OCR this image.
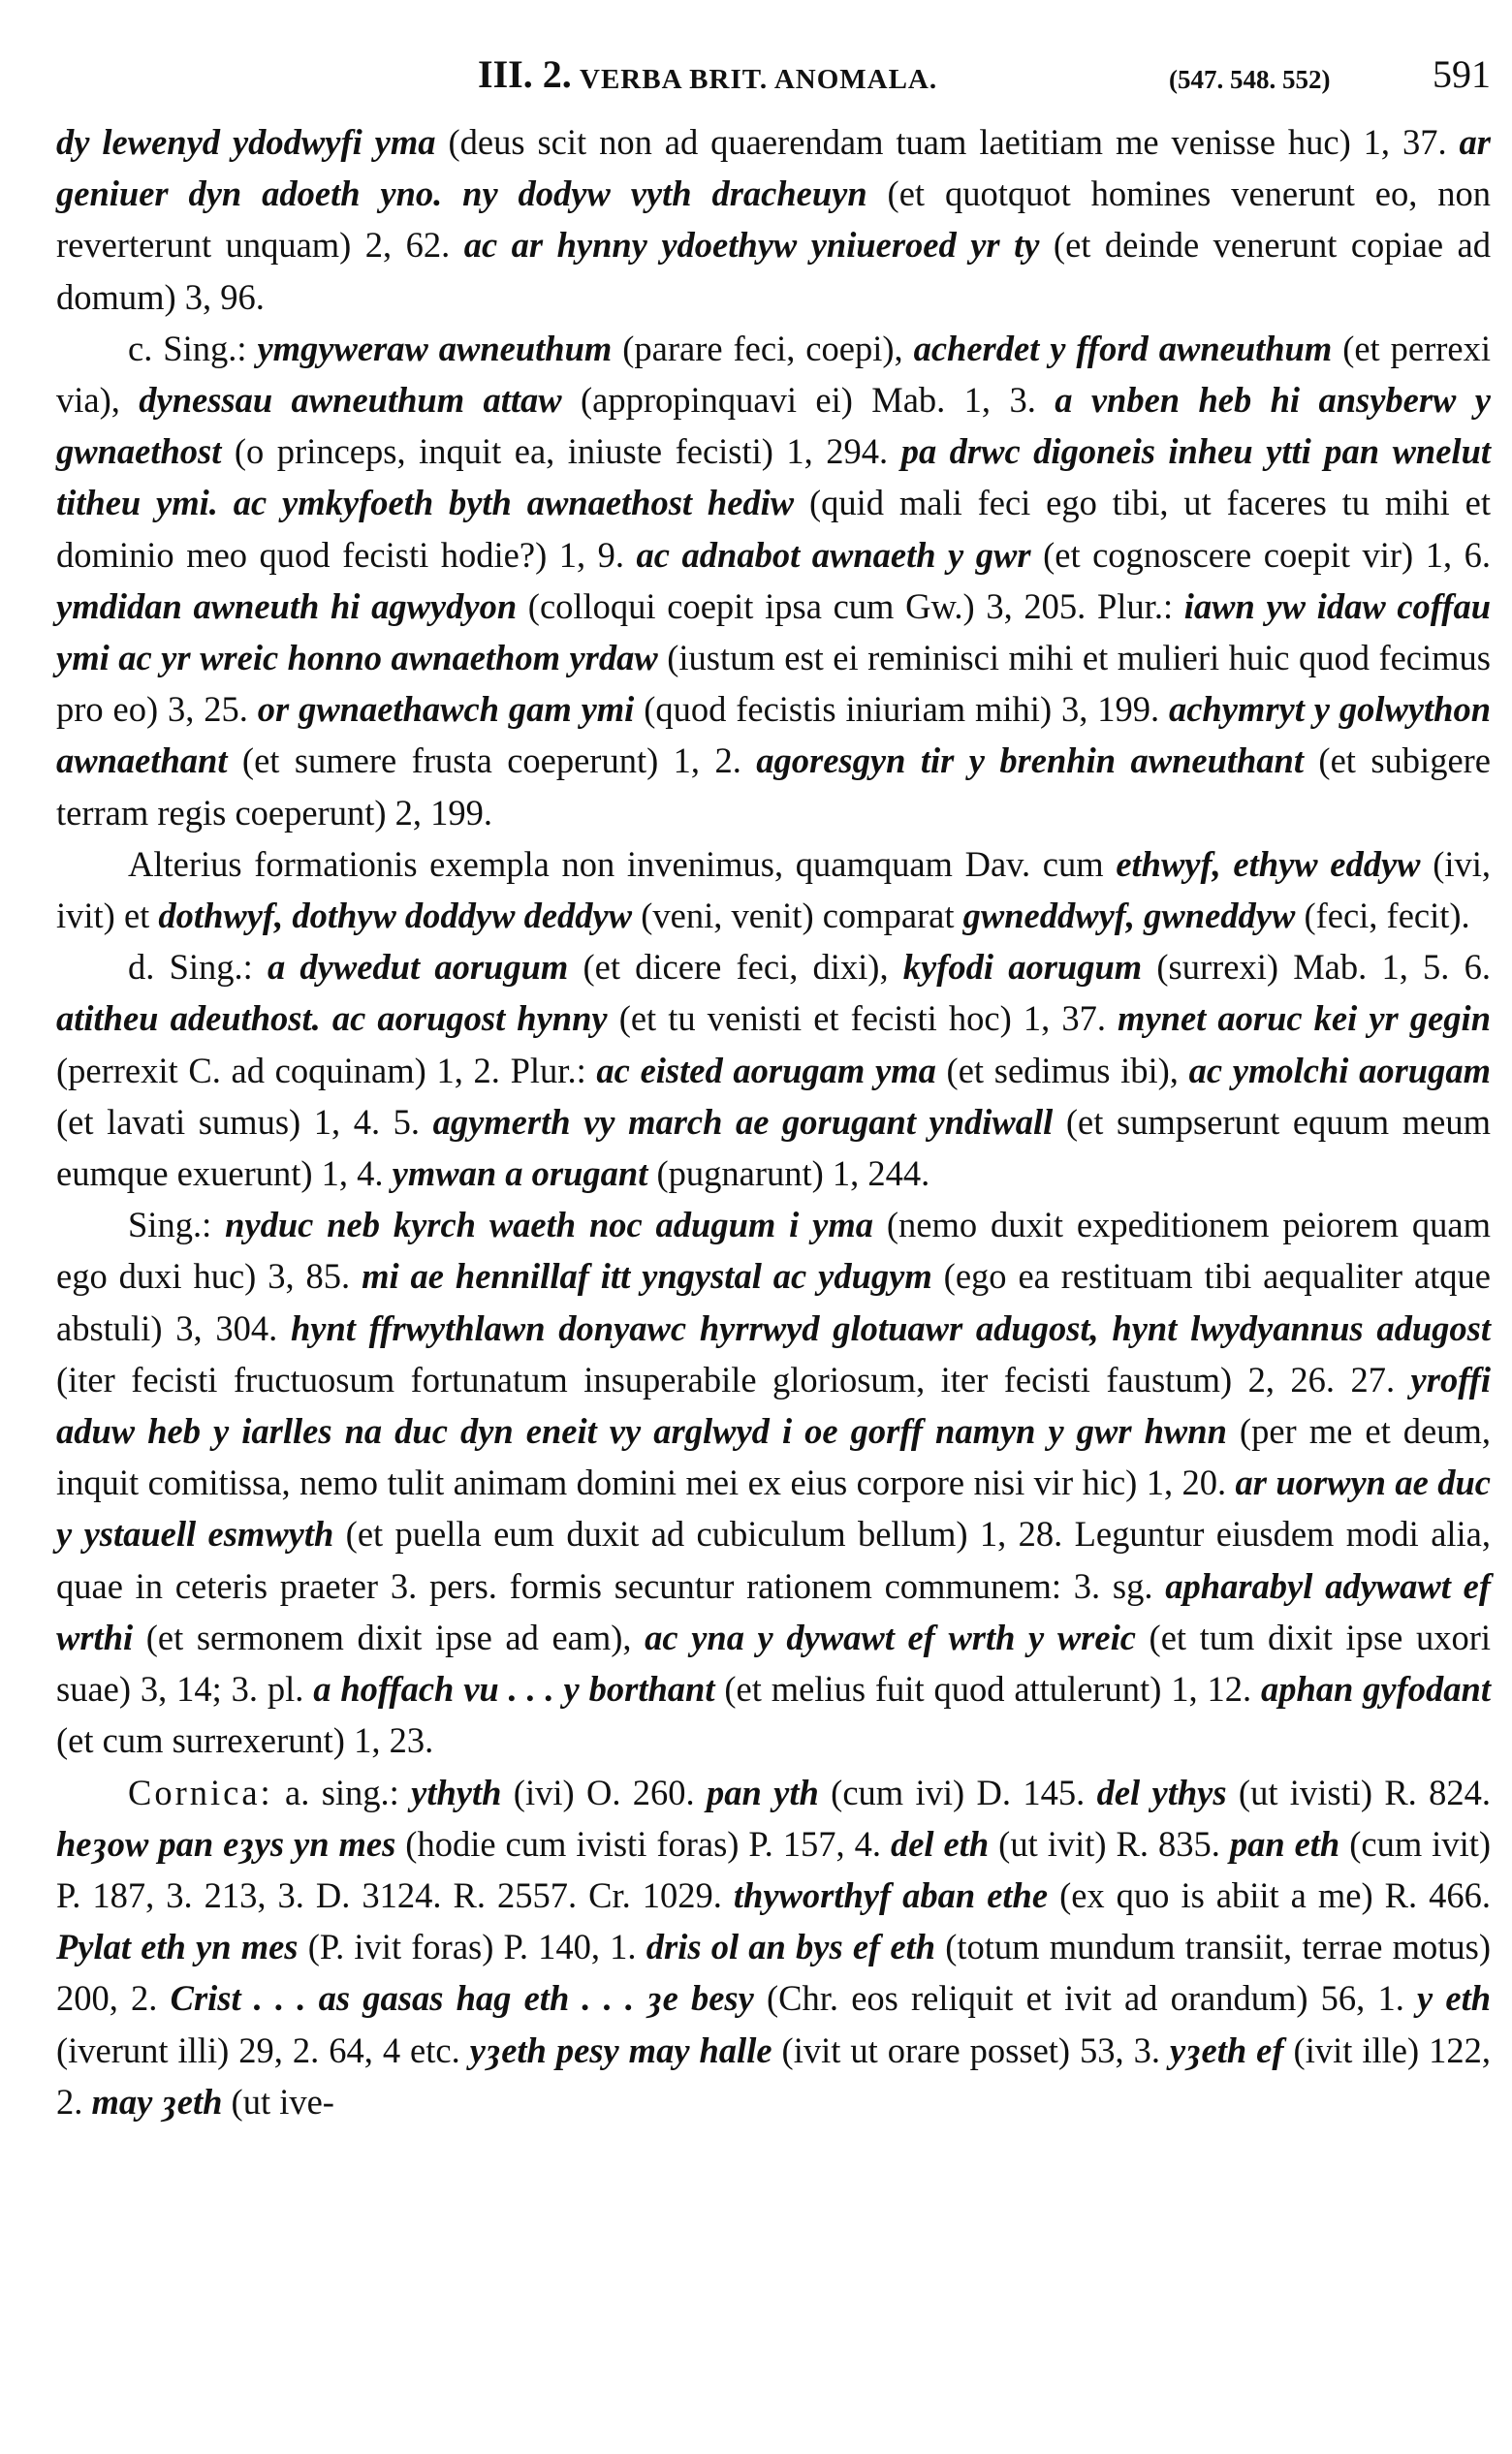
III. 2. VERBA BRIT. ANOMALA.	(547. 548. 552)	591

dy lewenyd ydodwyfi yma (deus scit non ad quaerendam tuam laetitiam me venisse huc) 1, 37. ar geniuer dyn adoeth yno. ny dodyw vyth dracheuyn (et quotquot homines venerunt eo, non reverterunt unquam) 2, 62. ac ar hynny ydoethyw yniueroed yr ty (et deinde venerunt copiae ad domum) 3, 96.

c. Sing.: ymgyweraw awneuthum (parare feci, coepi), acherdet y fford awneuthum (et perrexi via), dynessau awneuthum attaw (appropinquavi ei) Mab. 1, 3. a vnben heb hi ansyberw y gwnaethost (o princeps, inquit ea, iniuste fecisti) 1, 294. pa drwc digoneis inheu ytti pan wnelut titheu ymi. ac ymkyfoeth byth awnaethost hediw (quid mali feci ego tibi, ut faceres tu mihi et dominio meo quod fecisti hodie?) 1, 9. ac adnabot awnaeth y gwr (et cognoscere coepit vir) 1, 6. ymdidan awneuth hi agwydyon (colloqui coepit ipsa cum Gw.) 3, 205. Plur.: iawn yw idaw coffau ymi ac yr wreic honno awnaethom yrdaw (iustum est ei reminisci mihi et mulieri huic quod fecimus pro eo) 3, 25. or gwnaethawch gam ymi (quod fecistis iniuriam mihi) 3, 199. achymryt y golwython awnaethant (et sumere frusta coeperunt) 1, 2. agoresgyn tir y brenhin awneuthant (et subigere terram regis coeperunt) 2, 199.

Alterius formationis exempla non invenimus, quamquam Dav. cum ethwyf, ethyw eddyw (ivi, ivit) et dothwyf, dothyw doddyw deddyw (veni, venit) comparat gwneddwyf, gwneddyw (feci, fecit).

d. Sing.: a dywedut aorugum (et dicere feci, dixi), kyfodi aorugum (surrexi) Mab. 1, 5. 6. atitheu adeuthost. ac aorugost hynny (et tu venisti et fecisti hoc) 1, 37. mynet aoruc kei yr gegin (perrexit C. ad coquinam) 1, 2. Plur.: ac eisted aorugam yma (et sedimus ibi), ac ymolchi aorugam (et lavati sumus) 1, 4. 5. agymerth vy march ae gorugant yndiwall (et sumpserunt equum meum eumque exuerunt) 1, 4. ymwan a orugant (pugnarunt) 1, 244.

Sing.: nyduc neb kyrch waeth noc adugum i yma (nemo duxit expeditionem peiorem quam ego duxi huc) 3, 85. mi ae hennillaf itt yngystal ac ydugym (ego ea restituam tibi aequaliter atque abstuli) 3, 304. hynt ffrwythlawn donyawc hyrrwyd glotuawr adugost, hynt lwydyannus adugost (iter fecisti fructuosum fortunatum insuperabile gloriosum, iter fecisti faustum) 2, 26. 27. yroffi aduw heb y iarlles na duc dyn eneit vy arglwyd i oe gorff namyn y gwr hwnn (per me et deum, inquit comitissa, nemo tulit animam domini mei ex eius corpore nisi vir hic) 1, 20. ar uorwyn ae duc y ystauell esmwyth (et puella eum duxit ad cubiculum bellum) 1, 28. Leguntur eiusdem modi alia, quae in ceteris praeter 3. pers. formis secuntur rationem communem: 3. sg. apharabyl adywawt ef wrthi (et sermonem dixit ipse ad eam), ac yna y dywawt ef wrth y wreic (et tum dixit ipse uxori suae) 3, 14; 3. pl. a hoffach vu . . . y borthant (et melius fuit quod attulerunt) 1, 12. aphan gyfodant (et cum surrexerunt) 1, 23.

Cornica: a. sing.: ythyth (ivi) O. 260. pan yth (cum ivi) D. 145. del ythys (ut ivisti) R. 824. heȝow pan eȝys yn mes (hodie cum ivisti foras) P. 157, 4. del eth (ut ivit) R. 835. pan eth (cum ivit) P. 187, 3. 213, 3. D. 3124. R. 2557. Cr. 1029. thyworthyf aban ethe (ex quo is abiit a me) R. 466. Pylat eth yn mes (P. ivit foras) P. 140, 1. dris ol an bys ef eth (totum mundum transiit, terrae motus) 200, 2. Crist . . . as gasas hag eth . . . ȝe besy (Chr. eos reliquit et ivit ad orandum) 56, 1. y eth (iverunt illi) 29, 2. 64, 4 etc. yȝeth pesy may halle (ivit ut orare posset) 53, 3. yȝeth ef (ivit ille) 122, 2. may ȝeth (ut ive-
